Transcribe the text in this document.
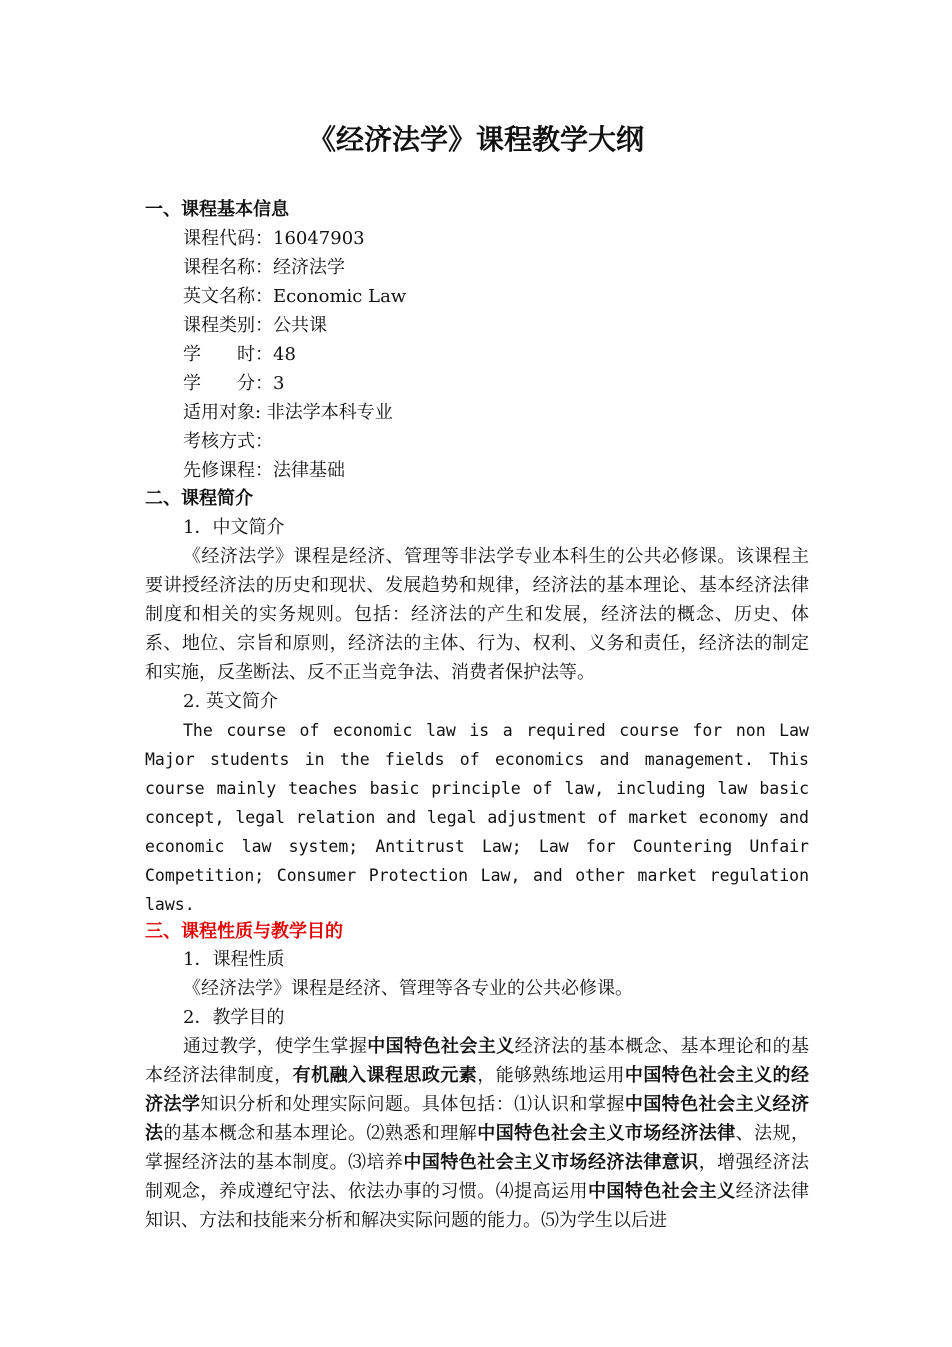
《经济法学》课程教学大纲
一、课程基本信息
课程代码：16047903
课程名称：经济法学
英文名称：Economic Law
课程类别：公共课
学　　时：48
学　　分：3
适用对象: 非法学本科专业
考核方式：
先修课程：法律基础
二、课程简介
1．中文简介
《经济法学》课程是经济、管理等非法学专业本科生的公共必修课。该课程主要讲授经济法的历史和现状、发展趋势和规律，经济法的基本理论、基本经济法律制度和相关的实务规则。包括：经济法的产生和发展，经济法的概念、历史、体系、地位、宗旨和原则，经济法的主体、行为、权利、义务和责任，经济法的制定和实施，反垄断法、反不正当竞争法、消费者保护法等。
2. 英文简介
The course of economic law is a required course for non Law Major students in the fields of economics and management. This course mainly teaches basic principle of law, including law basic concept, legal relation and legal adjustment of market economy and economic law system; Antitrust Law; Law for Countering Unfair Competition; Consumer Protection Law, and other market regulation laws.
三、课程性质与教学目的
1．课程性质
《经济法学》课程是经济、管理等各专业的公共必修课。
2．教学目的
通过教学，使学生掌握中国特色社会主义经济法的基本概念、基本理论和的基本经济法律制度，有机融入课程思政元素，能够熟练地运用中国特色社会主义的经济法学知识分析和处理实际问题。具体包括：⑴认识和掌握中国特色社会主义经济法的基本概念和基本理论。⑵熟悉和理解中国特色社会主义市场经济法律、法规，掌握经济法的基本制度。⑶培养中国特色社会主义市场经济法律意识，增强经济法制观念，养成遵纪守法、依法办事的习惯。⑷提高运用中国特色社会主义经济法律知识、方法和技能来分析和解决实际问题的能力。⑸为学生以后进
